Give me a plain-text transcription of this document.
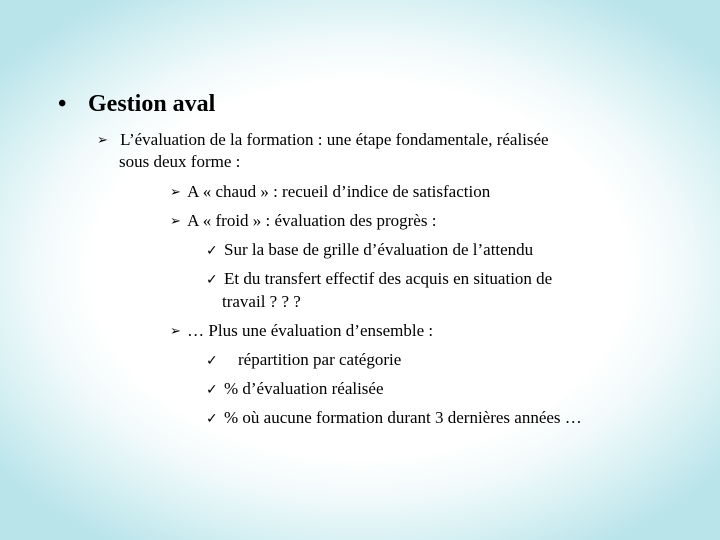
• Gestion aval
➢ L’évaluation de la formation : une étape fondamentale, réalisée
sous deux forme :
➢ A « chaud » : recueil d’indice de satisfaction
➢ A « froid » : évaluation des progrès :
✓ Sur la base de grille d’évaluation de l’attendu
✓ Et du transfert effectif des acquis en situation de
travail ? ? ?
➢ … Plus une évaluation d’ensemble :
✓ répartition par catégorie
✓ % d’évaluation réalisée
✓ % où aucune formation durant 3 dernières années …
